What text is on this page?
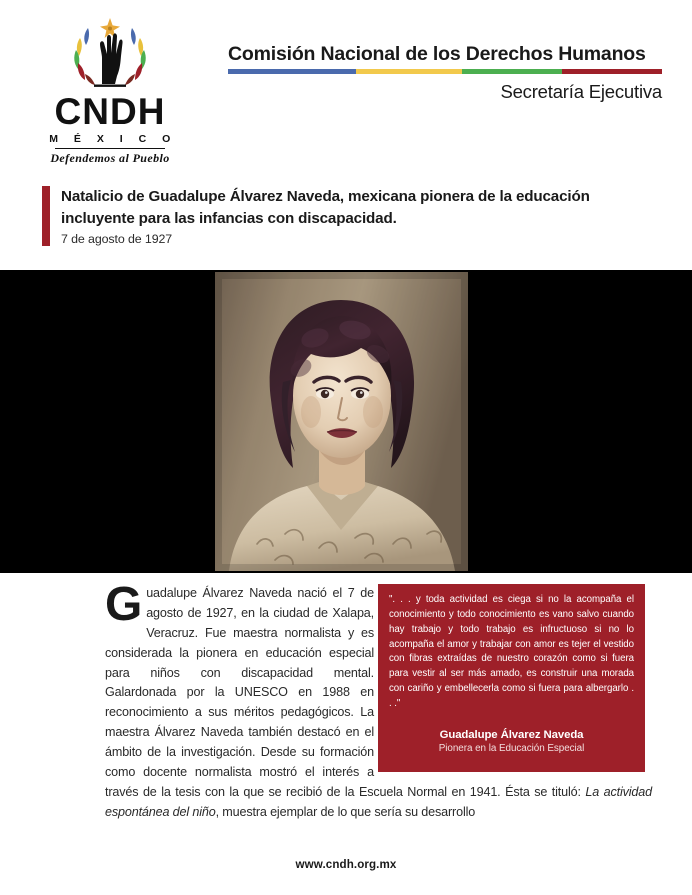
CNDH
M É X I C O
Defendemos al Pueblo
Comisión Nacional de los Derechos Humanos
Secretaría Ejecutiva
Natalicio de Guadalupe Álvarez Naveda, mexicana pionera de la educación incluyente para las infancias con discapacidad.
7 de agosto de 1927
". . . y toda actividad es ciega si no la acompaña el conocimiento y todo conocimiento es vano salvo cuando hay trabajo y todo trabajo es infructuoso si no lo acompaña el amor y trabajar con amor es tejer el vestido con fibras extraídas de nuestro corazón como si fuera para vestir al ser más amado, es construir una morada con cariño y embellecerla como si fuera para albergarlo . . ."
Guadalupe Álvarez Naveda
Pionera en la Educación Especial
Guadalupe Álvarez Naveda nació el 7 de agosto de 1927, en la ciudad de Xalapa, Veracruz. Fue maestra normalista y es considerada la pionera en educación especial para niños con discapacidad mental. Galardonada por la UNESCO en 1988 en reconocimiento a sus méritos pedagógicos. La maestra Álvarez Naveda también destacó en el ámbito de la investigación. Desde su formación como docente normalista mostró el interés a través de la tesis con la que se recibió de la Escuela Normal en 1941. Ésta se tituló: La actividad espontánea del niño, muestra ejemplar de lo que sería su desarrollo
www.cndh.org.mx
